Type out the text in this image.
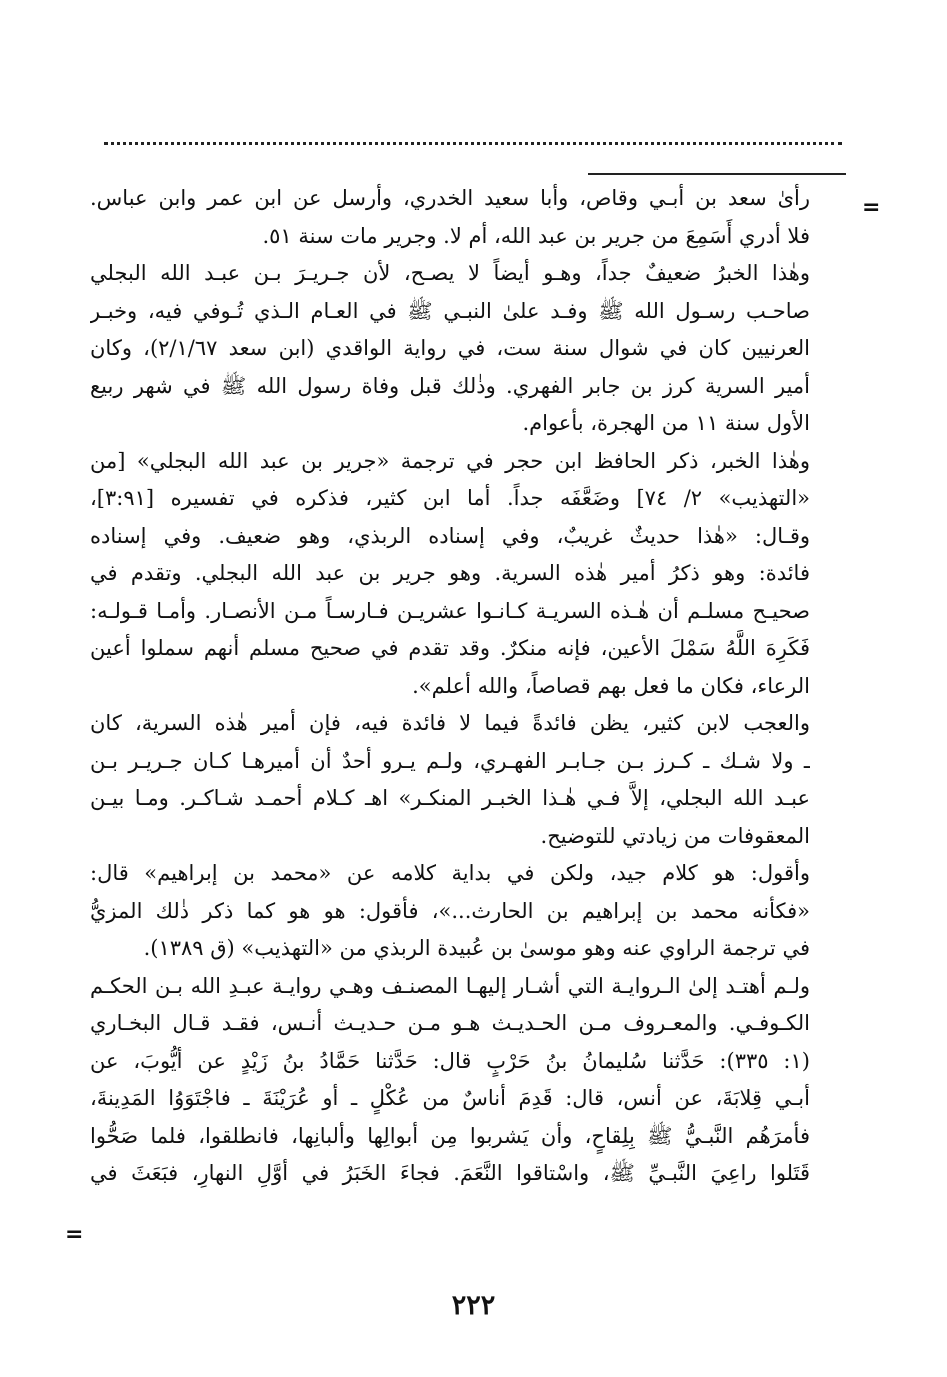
=
=
رأىٰ سعد بن أبـي وقاص، وأبا سعيد الخدري، وأرسل عن ابن عمر وابن عباس.
فلا أدري أَسَمِعَ من جرير بن عبد الله، أم لا. وجرير مات سنة ٥١.
وهٰذا الخبرُ ضعيفٌ جداً، وهـو أيضاً لا يصـح، لأن جـريـرَ بـن عبـد الله البجلي
صاحـب رسـول الله ﷺ وفـد علىٰ النبـي ﷺ في العـام الـذي تُـوفي فيه، وخبـر
العرنيين كان في شوال سنة ست، في رواية الواقدي (ابن سعد ٢/١/٦٧)، وكان
أمير السرية كرز بن جابر الفهري. وذٰلك قبل وفاة رسول الله ﷺ في شهر ربيع
الأول سنة ١١ من الهجرة، بأعوام.
وهٰذا الخبر، ذكر الحافظ ابن حجر في ترجمة «جرير بن عبد الله البجلي» [من
«التهذيب» ٢/ ٧٤] وضَعَّفَه جداً. أما ابن كثير، فذكره في تفسيره [٣:٩١]،
وقـال: «هٰذا حديثٌ غريبٌ، وفي إسناده الربذي، وهو ضعيف. وفي إسناده
فائدة: وهو ذكرُ أمير هٰذه السرية. وهو جرير بن عبد الله البجلي. وتقدم في
صحيـح مسلـم أن هٰـذه السريـة كـانـوا عشريـن فـارسـاً مـن الأنصـار. وأمـا قـولـه:
فَكَرِهَ اللَّهُ سَمْلَ الأعين، فإنه منكرٌ. وقد تقدم في صحيح مسلم أنهم سملوا أعين
الرعاء، فكان ما فعل بهم قصاصاً، والله أعلم».
والعجب لابن كثير، يظن فائدةً فيما لا فائدة فيه، فإن أمير هٰذه السرية، كان
ـ ولا شـك ـ كـرز بـن جـابـر الفهـري، ولـم يـرو أحدٌ أن أميرهـا كـان جـريـر بـن
عبـد الله البجلي، إلاَّ فـي هٰـذا الخبـر المنكـر» اهـ كـلام أحمـد شـاكـر. ومـا بيـن
المعقوفات من زيادتي للتوضيح.
وأقول: هو كلام جيد، ولكن في بداية كلامه عن «محمد بن إبراهيم» قال:
«فكأنه محمد بن إبراهيم بن الحارث...»، فأقول: هو هو كما ذكر ذٰلك المزيُّ
في ترجمة الراوي عنه وهو موسىٰ بن عُبيدة الربذي من «التهذيب» (ق ١٣٨٩).
ولـم أهتـد إلىٰ الـروايـة التي أشـار إليهـا المصنـف وهـي روايـة عبـدِ الله بـن الحكـم
الكـوفـي. والمعـروف مـن الحـديـث هـو مـن حـديـث أنـس، فقـد قـال البخـاري
(١: ٣٣٥): حَدَّثنا سُليمانُ بنُ حَرْبٍ قال: حَدَّثنا حَمَّادُ بنُ زَيْدٍ عن أيُّوبَ، عن
أبـي قِلابَةَ، عن أنس، قال: قَدِمَ أناسٌ من عُكْلٍ ـ أو عُرَيْنَةَ ـ فاجْتَوَوُا المَدِينةَ،
فأمرَهُم النَّبـيُّ ﷺ بِلِقاحٍ، وأن يَشربوا مِن أبوالِها وألبانِها، فانطلقوا، فلما صَحُّوا
قَتَلوا راعِيَ النَّبـيِّ ﷺ، واسْتاقوا النَّعَمَ. فجاءَ الخَبَرُ في أوَّلِ النهارِ، فبَعَثَ في
٢٢٢
